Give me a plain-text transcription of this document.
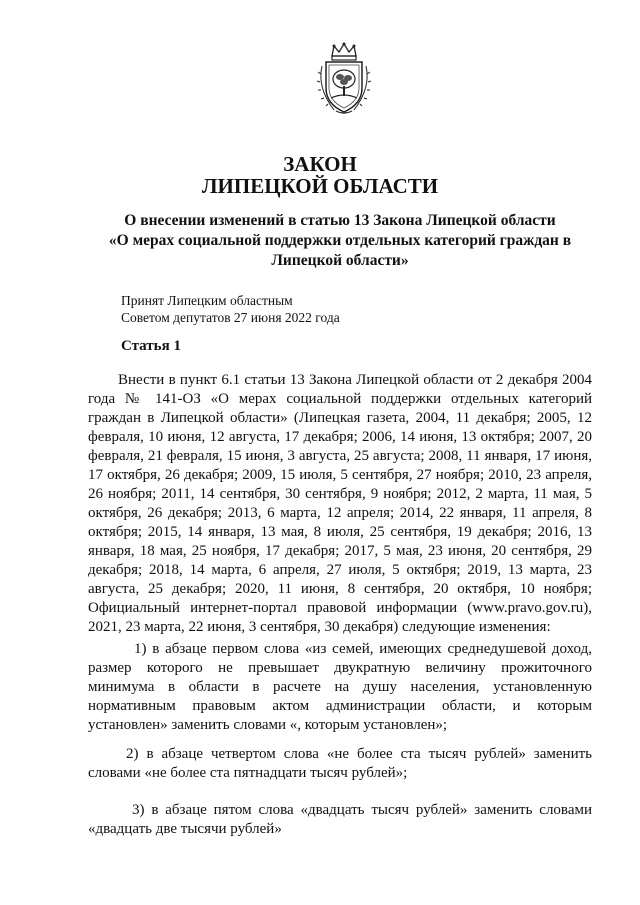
ЗАКОН
ЛИПЕЦКОЙ ОБЛАСТИ
О внесении изменений в статью 13 Закона Липецкой области
«О мерах социальной поддержки отдельных категорий граждан в
Липецкой области»
Принят Липецким областным
Советом депутатов 27 июня 2022 года
Статья 1
Внести в пункт 6.1 статьи 13 Закона Липецкой области от 2 декабря 2004 года № 141-ОЗ «О мерах социальной поддержки отдельных категорий граждан в Липецкой области» (Липецкая газета, 2004, 11 декабря; 2005, 12 февраля, 10 июня, 12 августа, 17 декабря; 2006, 14 июня, 13 октября; 2007, 20 февраля, 21 февраля, 15 июня, 3 августа, 25 августа; 2008, 11 января, 17 июня, 17 октября, 26 декабря; 2009, 15 июля, 5 сентября, 27 ноября; 2010, 23 апреля, 26 ноября; 2011, 14 сентября, 30 сентября, 9 ноября; 2012, 2 марта, 11 мая, 5 октября, 26 декабря; 2013, 6 марта, 12 апреля; 2014, 22 января, 11 апреля, 8 октября; 2015, 14 января, 13 мая, 8 июля, 25 сентября, 19 декабря; 2016, 13 января, 18 мая, 25 ноября, 17 декабря; 2017, 5 мая, 23 июня, 20 сентября, 29 декабря; 2018, 14 марта, 6 апреля, 27 июля, 5 октября; 2019, 13 марта, 23 августа, 25 декабря; 2020, 11 июня, 8 сентября, 20 октября, 10 ноября; Официальный интернет-портал правовой информации (www.pravo.gov.ru), 2021, 23 марта, 22 июня, 3 сентября, 30 декабря) следующие изменения:
1) в абзаце первом слова «из семей, имеющих среднедушевой доход, размер которого не превышает двукратную величину прожиточного минимума в области в расчете на душу населения, установленную нормативным правовым актом администрации области, и которым установлен» заменить словами «, которым установлен»;
2) в абзаце четвертом слова «не более ста тысяч рублей» заменить словами «не более ста пятнадцати тысяч рублей»;
3) в абзаце пятом слова «двадцать тысяч рублей» заменить словами «двадцать две тысячи рублей»
